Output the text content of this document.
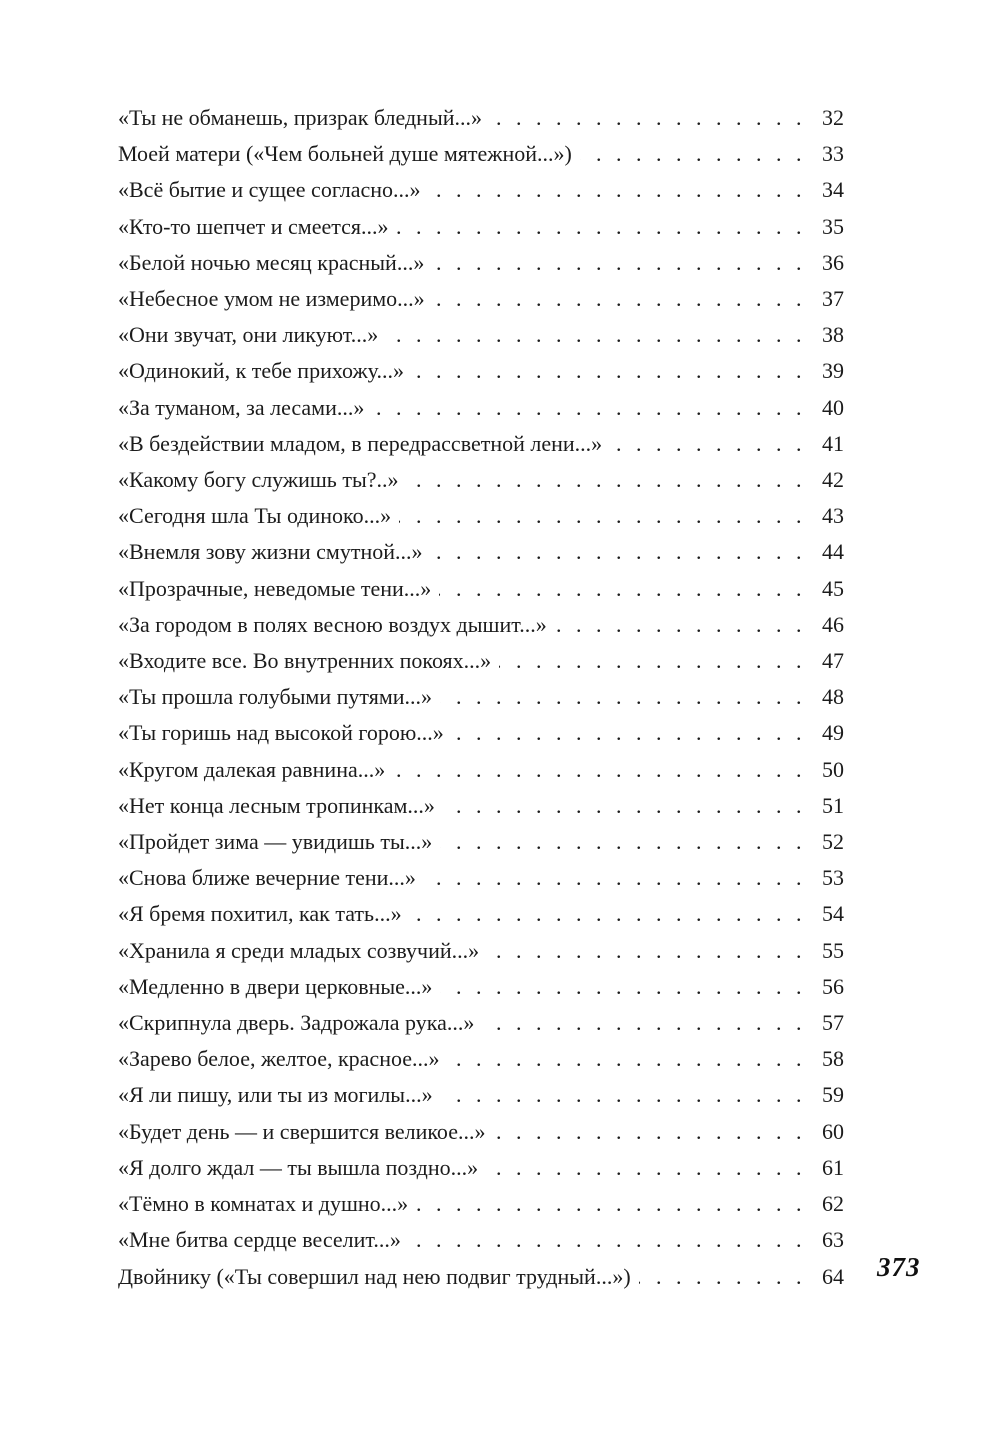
«Ты не обманешь, призрак бледный...» .....	32
Моей матери («Чем больней душе мятежной...») .....	33
«Всё бытие и сущее согласно...» .....	34
«Кто-то шепчет и смеется...» .....	35
«Белой ночью месяц красный...» .....	36
«Небесное умом не измеримо...» .....	37
«Они звучат, они ликуют...» .....	38
«Одинокий, к тебе прихожу...» .....	39
«За туманом, за лесами...» .....	40
«В бездействии младом, в передрассветной лени...» .....	41
«Какому богу служишь ты?..» .....	42
«Сегодня шла Ты одиноко...» .....	43
«Внемля зову жизни смутной...» .....	44
«Прозрачные, неведомые тени...» .....	45
«За городом в полях весною воздух дышит...» .....	46
«Входите все. Во внутренних покоях...» .....	47
«Ты прошла голубыми путями...» .....	48
«Ты горишь над высокой горою...» .....	49
«Кругом далекая равнина...» .....	50
«Нет конца лесным тропинкам...» .....	51
«Пройдет зима — увидишь ты...» .....	52
«Снова ближе вечерние тени...» .....	53
«Я бремя похитил, как тать...» .....	54
«Хранила я среди младых созвучий...» .....	55
«Медленно в двери церковные...» .....	56
«Скрипнула дверь. Задрожала рука...» .....	57
«Зарево белое, желтое, красное...» .....	58
«Я ли пишу, или ты из могилы...» .....	59
«Будет день — и свершится великое...» .....	60
«Я долго ждал — ты вышла поздно...» .....	61
«Тёмно в комнатах и душно...» .....	62
«Мне битва сердце веселит...» .....	63
Двойнику («Ты совершил над нею подвиг трудный...») .....	64 373
